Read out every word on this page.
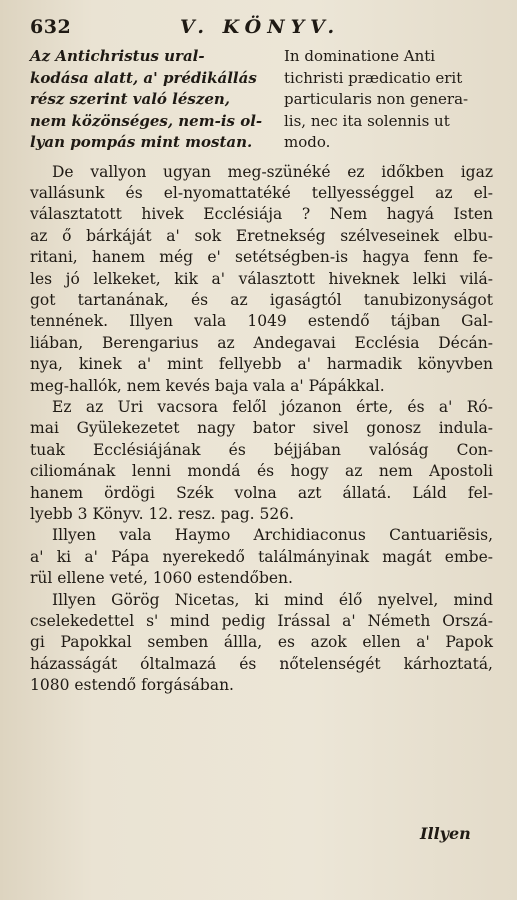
632	V. KÖNYV.
Az Antichristus ural-
kodása alatt, a' prédikállás
rész szerint való lészen,
nem közönséges, nem-is ol-
lyan pompás mint mostan.
In dominatione Anti
tichristi prædicatio erit
particularis non genera-
lis, nec ita solennis ut
modo.
De vallyon ugyan meg-szünéké ez időkben igaz
vallásunk és el-nyomattatéké tellyességgel az el-
választatott hivek Ecclésiája ? Nem hagyá Isten
az ő bárkáját a' sok Eretnekség szélveseinek elbu-
ritani, hanem még e' setétségben-is hagya fenn fe-
les jó lelkeket, kik a' választott hiveknek lelki vilá-
got tartanának, és az igaságtól tanubizonyságot
tennének. Illyen vala 1049 estendő tájban Gal-
liában, Berengarius az Andegavai Ecclésia Décán-
nya, kinek a' mint fellyebb a' harmadik könyvben
meg-hallók, nem kevés baja vala a' Pápákkal.
Ez az Uri vacsora felől józanon érte, és a' Ró-
mai Gyülekezetet nagy bator sivel gonosz indula-
tuak Ecclésiájának és béjjában valóság Con-
ciliomának lenni mondá és hogy az nem Apostoli
hanem ördögi Szék volna azt állatá. Láld fel-
lyebb 3 Könyv. 12. resz. pag. 526.
Illyen vala Haymo Archidiaconus Cantuariẽsis,
a' ki a' Pápa nyerekedő találmányinak magát embe-
rül ellene veté, 1060 estendőben.
Illyen Görög Nicetas, ki mind élő nyelvel, mind
cselekedettel s' mind pedig Irással a' Németh Orszá-
gi Papokkal semben állla, es azok ellen a' Papok
házasságát óltalmazá és nőtelenségét kárhoztatá,
1080 estendő forgásában.
Illyen
